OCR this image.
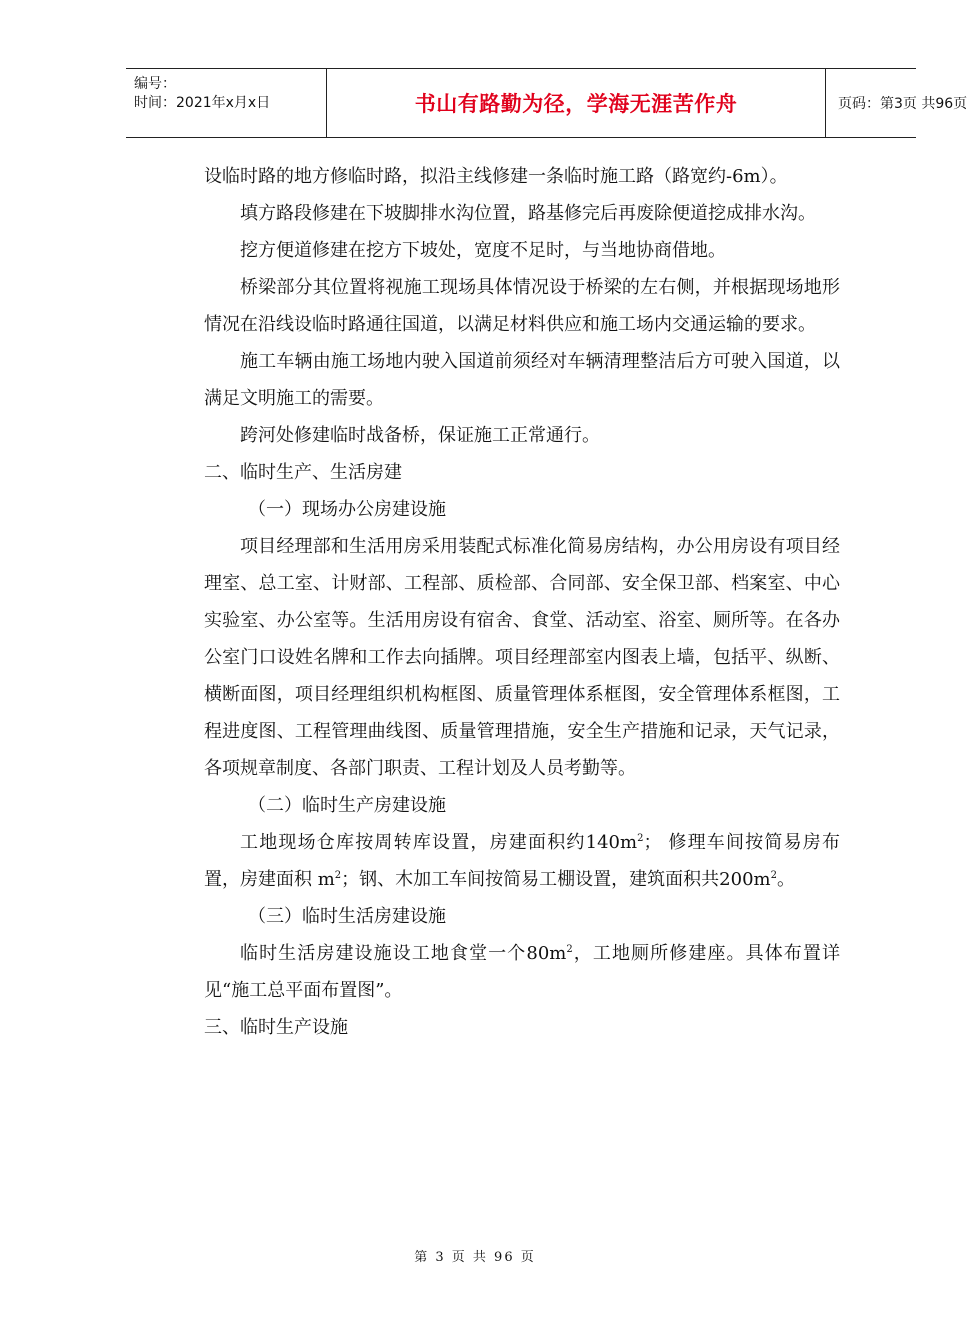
编号：
时间：2021年x月x日	书山有路勤为径，学海无涯苦作舟	页码：第3页 共96页

设临时路的地方修临时路，拟沿主线修建一条临时施工路（路宽约-6m）。

填方路段修建在下坡脚排水沟位置，路基修完后再废除便道挖成排水沟。

挖方便道修建在挖方下坡处，宽度不足时，与当地协商借地。

桥梁部分其位置将视施工现场具体情况设于桥梁的左右侧，并根据现场地形情况在沿线设临时路通往国道，以满足材料供应和施工场内交通运输的要求。

施工车辆由施工场地内驶入国道前须经对车辆清理整洁后方可驶入国道，以满足文明施工的需要。

跨河处修建临时战备桥，保证施工正常通行。

二、临时生产、生活房建

（一）现场办公房建设施

项目经理部和生活用房采用装配式标准化简易房结构，办公用房设有项目经理室、总工室、计财部、工程部、质检部、合同部、安全保卫部、档案室、中心实验室、办公室等。生活用房设有宿舍、食堂、活动室、浴室、厕所等。在各办公室门口设姓名牌和工作去向插牌。项目经理部室内图表上墙，包括平、纵断、横断面图，项目经理组织机构框图、质量管理体系框图，安全管理体系框图，工程进度图、工程管理曲线图、质量管理措施，安全生产措施和记录，天气记录，各项规章制度、各部门职责、工程计划及人员考勤等。

（二）临时生产房建设施

工地现场仓库按周转库设置，房建面积约$140m^2$； 修理车间按简易房布置，房建面积 $m^2$；钢、木加工车间按简易工棚设置，建筑面积共$200m^2$。

（三）临时生活房建设施

临时生活房建设施设工地食堂一个$80m^2$，工地厕所修建座。具体布置详见“施工总平面布置图”。

三、临时生产设施

第 3 页 共 96 页
